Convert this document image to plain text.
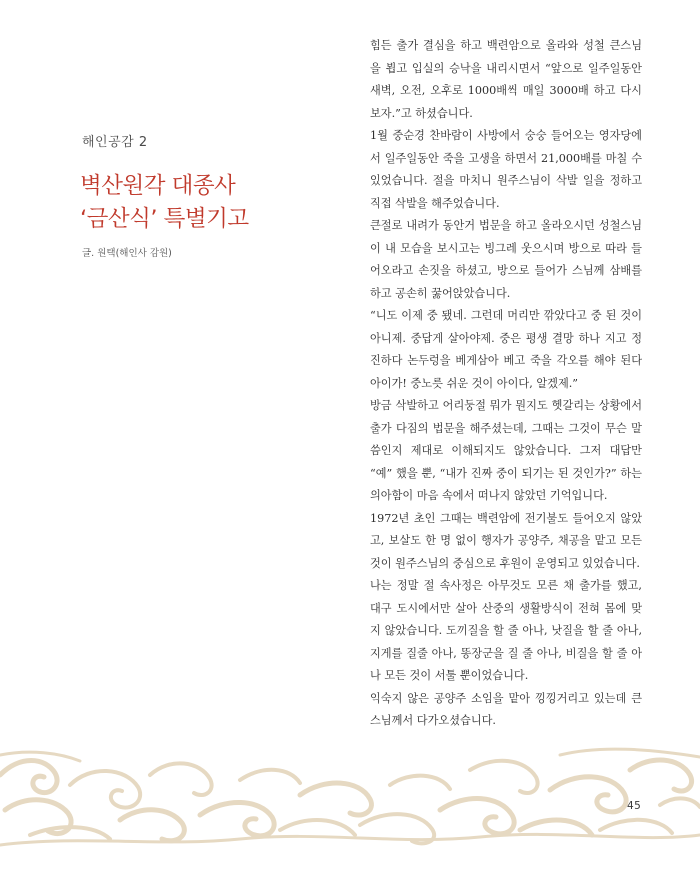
해인공감 2
벽산원각 대종사
‘금산식’ 특별기고
글. 원택(해인사 감원)

힘든 출가 결심을 하고 백련암으로 올라와 성철 큰스님을 뵙고 입실의 승낙을 내리시면서 “앞으로 일주일동안 새벽, 오전, 오후로 1000배씩 매일 3000배 하고 다시 보자.”고 하셨습니다.

1월 중순경 찬바람이 사방에서 숭숭 들어오는 영자당에서 일주일동안 죽을 고생을 하면서 21,000배를 마칠 수 있었습니다. 절을 마치니 원주스님이 삭발 일을 정하고 직접 삭발을 해주었습니다.

큰절로 내려가 동안거 법문을 하고 올라오시던 성철스님이 내 모습을 보시고는 빙그레 웃으시며 방으로 따라 들어오라고 손짓을 하셨고, 방으로 들어가 스님께 삼배를 하고 공손히 꿇어앉았습니다.

“니도 이제 중 됐네. 그런데 머리만 깎았다고 중 된 것이 아니제. 중답게 살아야제. 중은 평생 결망 하나 지고 정진하다 논두렁을 베게삼아 베고 죽을 각오를 해야 된다 아이가! 중노릇 쉬운 것이 아이다, 알겠제.”

방금 삭발하고 어리둥절 뭐가 뭔지도 헷갈리는 상황에서 출가 다짐의 법문을 해주셨는데, 그때는 그것이 무슨 말씀인지 제대로 이해되지도 않았습니다. 그저 대답만 “예” 했을 뿐, “내가 진짜 중이 되기는 된 것인가?” 하는 의아함이 마음 속에서 떠나지 않았던 기억입니다.

1972년 초인 그때는 백련암에 전기불도 들어오지 않았고, 보살도 한 명 없이 행자가 공양주, 채공을 맡고 모든 것이 원주스님의 중심으로 후원이 운영되고 있었습니다.

나는 정말 절 속사정은 아무것도 모른 채 출가를 했고, 대구 도시에서만 살아 산중의 생활방식이 전혀 몸에 맞지 않았습니다. 도끼질을 할 줄 아나, 낫질을 할 줄 아나, 지게를 질줄 아나, 똥장군을 질 줄 아나, 비질을 할 줄 아나 모든 것이 서툴 뿐이었습니다.

익숙지 않은 공양주 소임을 맡아 낑낑거리고 있는데 큰스님께서 다가오셨습니다.

45
